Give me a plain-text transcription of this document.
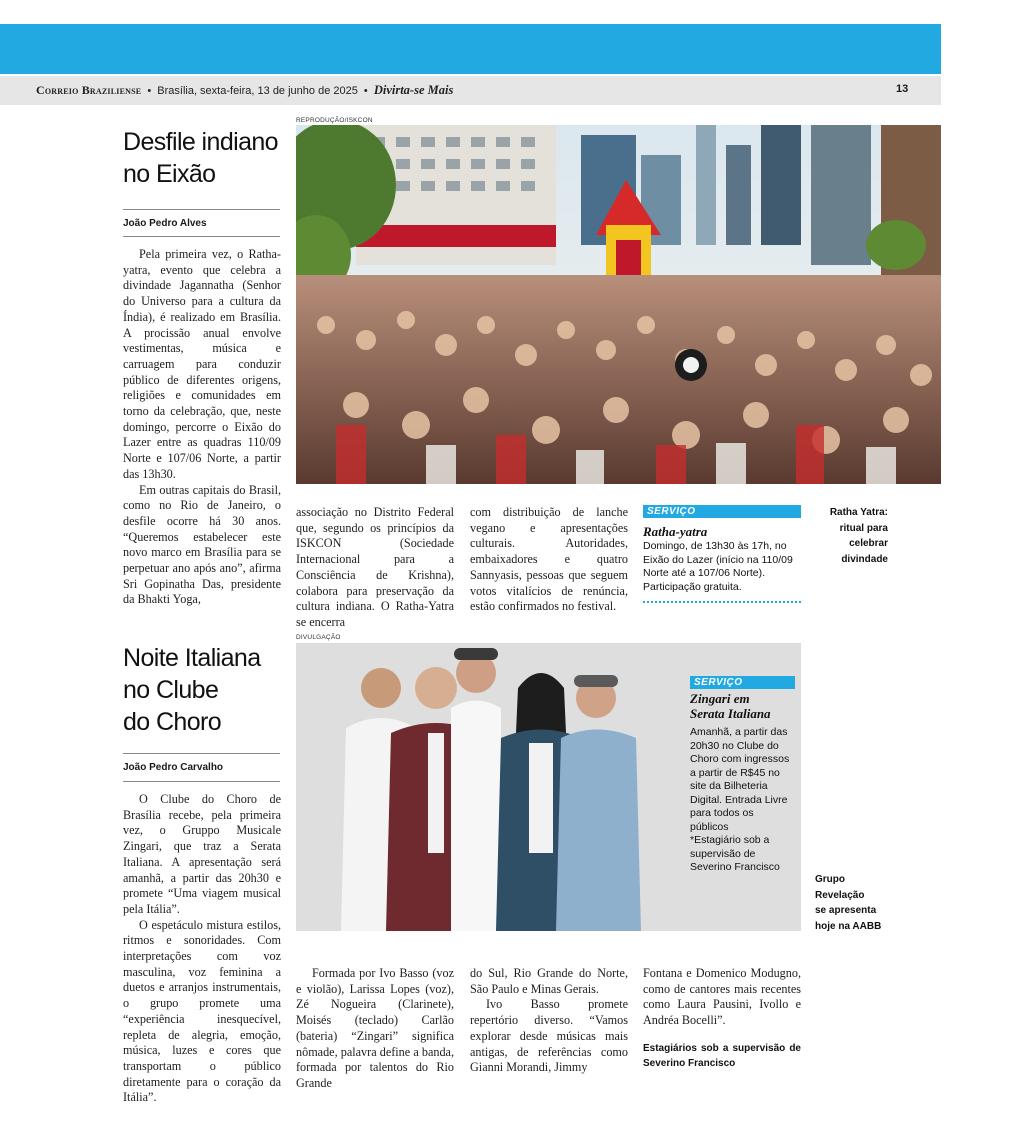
Correio Braziliense • Brasília, sexta-feira, 13 de junho de 2025 • Divirta-se Mais	13
Desfile indiano
no Eixão
João Pedro Alves

Pela primeira vez, o Ratha-yatra, evento que celebra a divindade Jagannatha (Senhor do Universo para a cultura da Índia), é realizado em Brasília. A procissão anual envolve vestimentas, música e carruagem para conduzir público de diferentes origens, religiões e comunidades em torno da celebração, que, neste domingo, percorre o Eixão do Lazer entre as quadras 110/09 Norte e 107/06 Norte, a partir das 13h30.

Em outras capitais do Brasil, como no Rio de Janeiro, o desfile ocorre há 30 anos. “Queremos estabelecer este novo marco em Brasília para se perpetuar ano após ano”, afirma Sri Gopinatha Das, presidente da Bhakti Yoga,

REPRODUÇÃO/ISKCON

associação no Distrito Federal que, segundo os princípios da ISKCON (Sociedade Internacional para a Consciência de Krishna), colabora para preservação da cultura indiana. O Ratha-Yatra se encerra

com distribuição de lanche vegano e apresentações culturais. Autoridades, embaixadores e quatro Sannyasis, pessoas que seguem votos vitalícios de renúncia, estão confirmados no festival.

SERVIÇO
Ratha-yatra
Domingo, de 13h30 às 17h, no Eixão do Lazer (início na 110/09 Norte até a 107/06 Norte). Participação gratuita.
Ratha Yatra:
ritual para
celebrar
divindade
Noite Italiana
no Clube
do Choro
João Pedro Carvalho

O Clube do Choro de Brasília recebe, pela primeira vez, o Gruppo Musicale Zingari, que traz a Serata Italiana. A apresentação será amanhã, a partir das 20h30 e promete “Uma viagem musical pela Itália”.

O espetáculo mistura estilos, ritmos e sonoridades. Com interpretações com voz masculina, voz feminina a duetos e arranjos instrumentais, o grupo promete uma “experiência inesquecível, repleta de alegria, emoção, música, luzes e cores que transportam o público diretamente para o coração da Itália”.

DIVULGAÇÃO
SERVIÇO
Zingari em
Serata Italiana
Amanhã, a partir das 20h30 no Clube do Choro com ingressos a partir de R$45 no site da Bilheteria Digital. Entrada Livre para todos os públicos
*Estagiário sob a supervisão de Severino Francisco
Grupo
Revelação
se apresenta
hoje na AABB

Formada por Ivo Basso (voz e violão), Larissa Lopes (voz), Zé Nogueira (Clarinete), Moisés (teclado) Carlão (bateria) “Zingari” significa nômade, palavra define a banda, formada por talentos do Rio Grande

do Sul, Rio Grande do Norte, São Paulo e Minas Gerais.

Ivo Basso promete repertório diverso. “Vamos explorar desde músicas mais antigas, de referências como Gianni Morandi, Jimmy

Fontana e Domenico Modugno, como de cantores mais recentes como Laura Pausini, Ivollo e Andréa Bocelli”.

Estagiários sob a supervisão de Severino Francisco
